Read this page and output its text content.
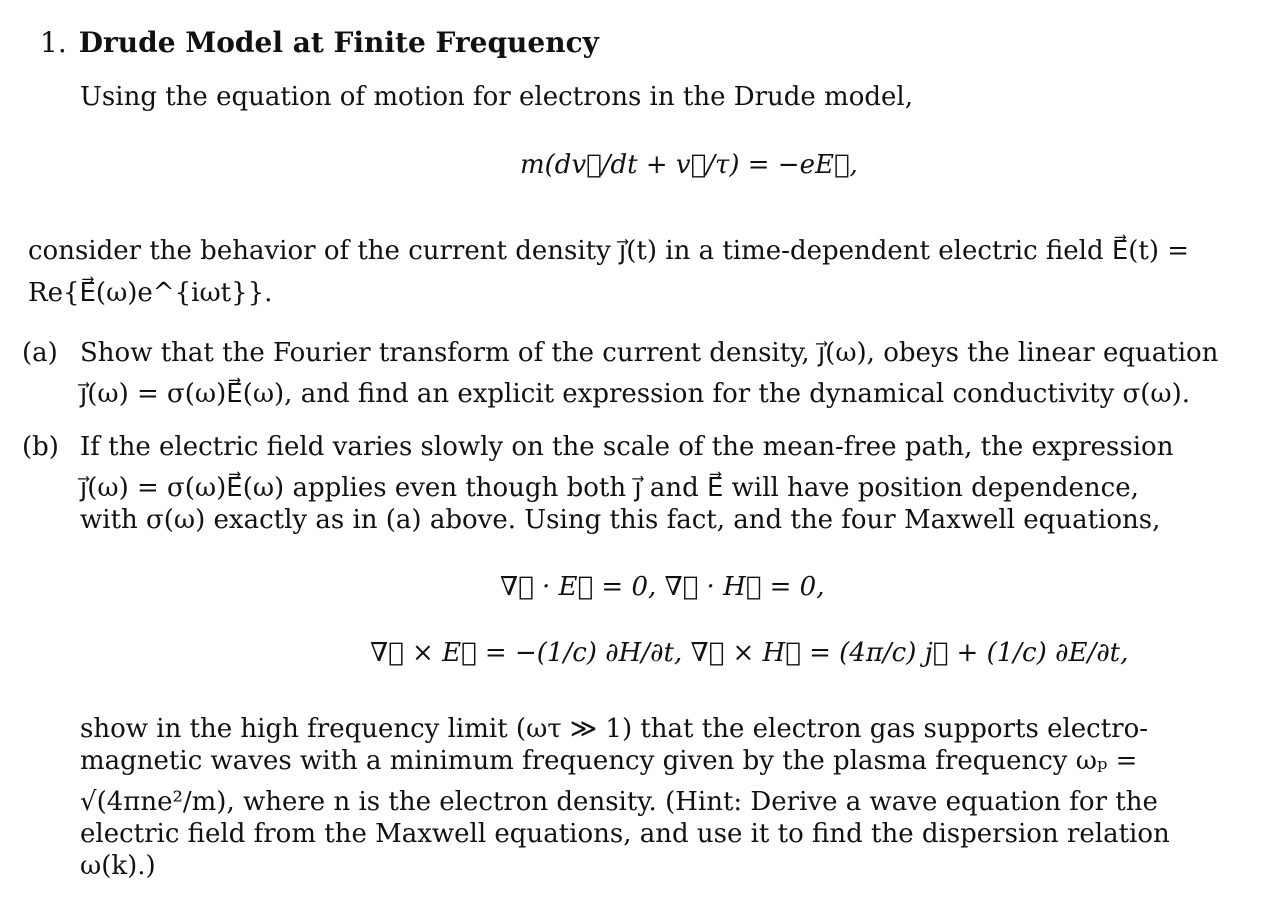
1. Drude Model at Finite Frequency
Using the equation of motion for electrons in the Drude model,
m(dv⃗/dt + v⃗/τ) = −eE⃗,
consider the behavior of the current density j⃗(t) in a time-dependent electric field E⃗(t) =
Re{E⃗(ω)e^{iωt}}.
(a) Show that the Fourier transform of the current density, j⃗(ω), obeys the linear equation
j⃗(ω) = σ(ω)E⃗(ω), and find an explicit expression for the dynamical conductivity σ(ω).
(b) If the electric field varies slowly on the scale of the mean-free path, the expression
j⃗(ω) = σ(ω)E⃗(ω) applies even though both j⃗ and E⃗ will have position dependence,
with σ(ω) exactly as in (a) above. Using this fact, and the four Maxwell equations,
∇⃗ · E⃗ = 0, ∇⃗ · H⃗ = 0,
∇⃗ × E⃗ = −(1/c) ∂H/∂t, ∇⃗ × H⃗ = (4π/c) j⃗ + (1/c) ∂E/∂t,
show in the high frequency limit (ωτ ≫ 1) that the electron gas supports electro-
magnetic waves with a minimum frequency given by the plasma frequency ωₚ =
√(4πne²/m), where n is the electron density. (Hint: Derive a wave equation for the
electric field from the Maxwell equations, and use it to find the dispersion relation
ω(k).)
